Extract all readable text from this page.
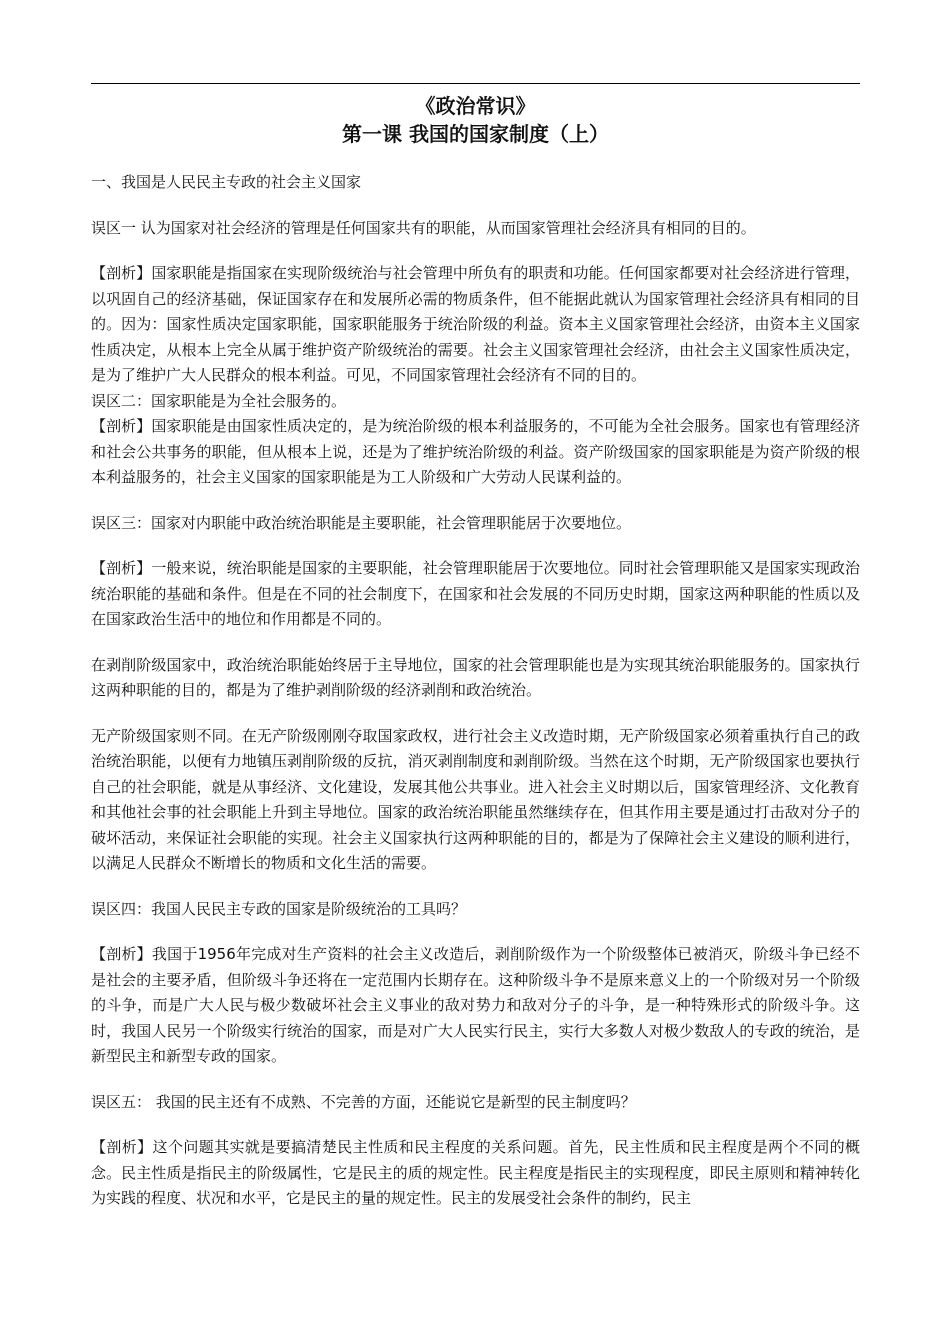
《政治常识》

第一课 我国的国家制度（上）

一、我国是人民民主专政的社会主义国家

误区一 认为国家对社会经济的管理是任何国家共有的职能，从而国家管理社会经济具有相同的目的。

【剖析】国家职能是指国家在实现阶级统治与社会管理中所负有的职责和功能。任何国家都要对社会经济进行管理，以巩固自己的经济基础，保证国家存在和发展所必需的物质条件，但不能据此就认为国家管理社会经济具有相同的目的。因为：国家性质决定国家职能，国家职能服务于统治阶级的利益。资本主义国家管理社会经济，由资本主义国家性质决定，从根本上完全从属于维护资产阶级统治的需要。社会主义国家管理社会经济，由社会主义国家性质决定，是为了维护广大人民群众的根本利益。可见，不同国家管理社会经济有不同的目的。

误区二：国家职能是为全社会服务的。

【剖析】国家职能是由国家性质决定的，是为统治阶级的根本利益服务的，不可能为全社会服务。国家也有管理经济和社会公共事务的职能，但从根本上说，还是为了维护统治阶级的利益。资产阶级国家的国家职能是为资产阶级的根本利益服务的，社会主义国家的国家职能是为工人阶级和广大劳动人民谋利益的。

误区三：国家对内职能中政治统治职能是主要职能，社会管理职能居于次要地位。

【剖析】一般来说，统治职能是国家的主要职能，社会管理职能居于次要地位。同时社会管理职能又是国家实现政治统治职能的基础和条件。但是在不同的社会制度下，在国家和社会发展的不同历史时期，国家这两种职能的性质以及在国家政治生活中的地位和作用都是不同的。

在剥削阶级国家中，政治统治职能始终居于主导地位，国家的社会管理职能也是为实现其统治职能服务的。国家执行这两种职能的目的，都是为了维护剥削阶级的经济剥削和政治统治。

无产阶级国家则不同。在无产阶级刚刚夺取国家政权，进行社会主义改造时期，无产阶级国家必须着重执行自己的政治统治职能，以便有力地镇压剥削阶级的反抗，消灭剥削制度和剥削阶级。当然在这个时期，无产阶级国家也要执行自己的社会职能，就是从事经济、文化建设，发展其他公共事业。进入社会主义时期以后，国家管理经济、文化教育和其他社会事的社会职能上升到主导地位。国家的政治统治职能虽然继续存在，但其作用主要是通过打击敌对分子的破坏活动，来保证社会职能的实现。社会主义国家执行这两种职能的目的，都是为了保障社会主义建设的顺利进行，以满足人民群众不断增长的物质和文化生活的需要。

误区四：我国人民民主专政的国家是阶级统治的工具吗？

【剖析】我国于1956年完成对生产资料的社会主义改造后，剥削阶级作为一个阶级整体已被消灭，阶级斗争已经不是社会的主要矛盾，但阶级斗争还将在一定范围内长期存在。这种阶级斗争不是原来意义上的一个阶级对另一个阶级的斗争，而是广大人民与极少数破坏社会主义事业的敌对势力和敌对分子的斗争，是一种特殊形式的阶级斗争。这时，我国人民另一个阶级实行统治的国家，而是对广大人民实行民主，实行大多数人对极少数敌人的专政的统治，是新型民主和新型专政的国家。

误区五： 我国的民主还有不成熟、不完善的方面，还能说它是新型的民主制度吗？

【剖析】这个问题其实就是要搞清楚民主性质和民主程度的关系问题。首先，民主性质和民主程度是两个不同的概念。民主性质是指民主的阶级属性，它是民主的质的规定性。民主程度是指民主的实现程度，即民主原则和精神转化为实践的程度、状况和水平，它是民主的量的规定性。民主的发展受社会条件的制约，民主
